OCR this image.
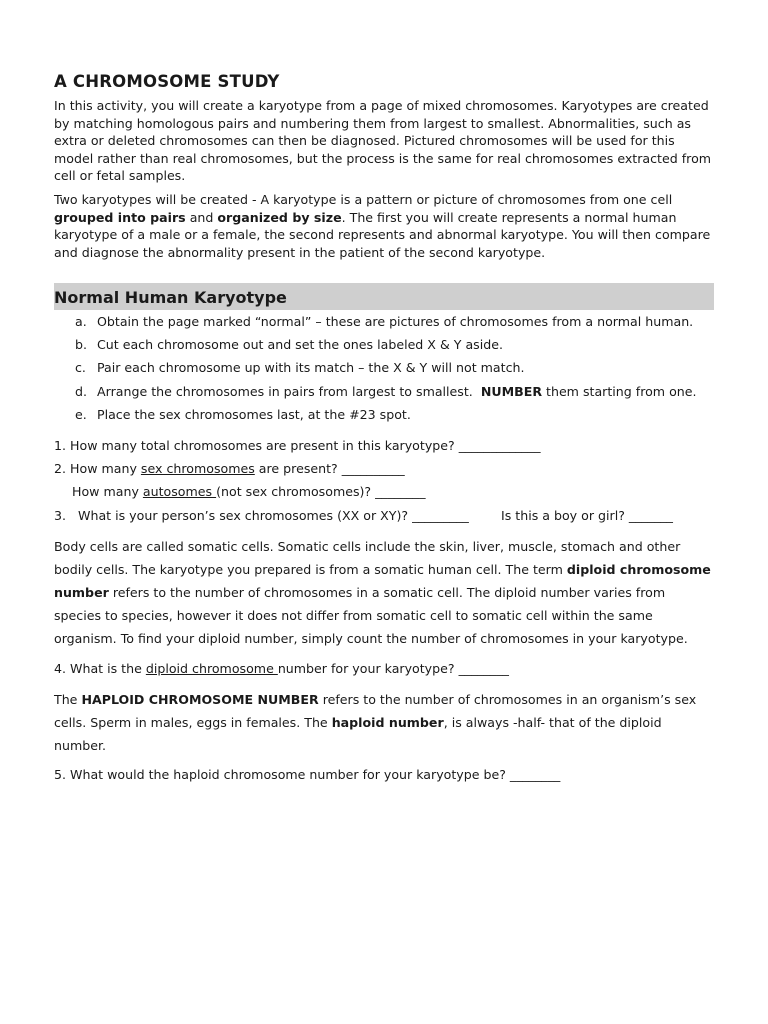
A CHROMOSOME STUDY

In this activity, you will create a karyotype from a page of mixed chromosomes. Karyotypes are created by matching homologous pairs and numbering them from largest to smallest. Abnormalities, such as extra or deleted chromosomes can then be diagnosed. Pictured chromosomes will be used for this model rather than real chromosomes, but the process is the same for real chromosomes extracted from cell or fetal samples.

Two karyotypes will be created - A karyotype is a pattern or picture of chromosomes from one cell grouped into pairs and organized by size. The first you will create represents a normal human karyotype of a male or a female, the second represents and abnormal karyotype. You will then compare and diagnose the abnormality present in the patient of the second karyotype.

Normal Human Karyotype
a. Obtain the page marked “normal” – these are pictures of chromosomes from a normal human.
b. Cut each chromosome out and set the ones labeled X & Y aside.
c. Pair each chromosome up with its match – the X & Y will not match.
d. Arrange the chromosomes in pairs from largest to smallest.  NUMBER them starting from one.
e. Place the sex chromosomes last, at the #23 spot.

1. How many total chromosomes are present in this karyotype? _____________

2. How many sex chromosomes are present? __________

How many autosomes (not sex chromosomes)? ________

3.   What is your person’s sex chromosomes (XX or XY)? _________	Is this a boy or girl? _______

Body cells are called somatic cells. Somatic cells include the skin, liver, muscle, stomach and other bodily cells. The karyotype you prepared is from a somatic human cell. The term diploid chromosome number refers to the number of chromosomes in a somatic cell. The diploid number varies from species to species, however it does not differ from somatic cell to somatic cell within the same organism. To find your diploid number, simply count the number of chromosomes in your karyotype.

4. What is the diploid chromosome number for your karyotype? ________

The HAPLOID CHROMOSOME NUMBER refers to the number of chromosomes in an organism’s sex cells. Sperm in males, eggs in females. The haploid number, is always -half- that of the diploid number.

5. What would the haploid chromosome number for your karyotype be? ________
